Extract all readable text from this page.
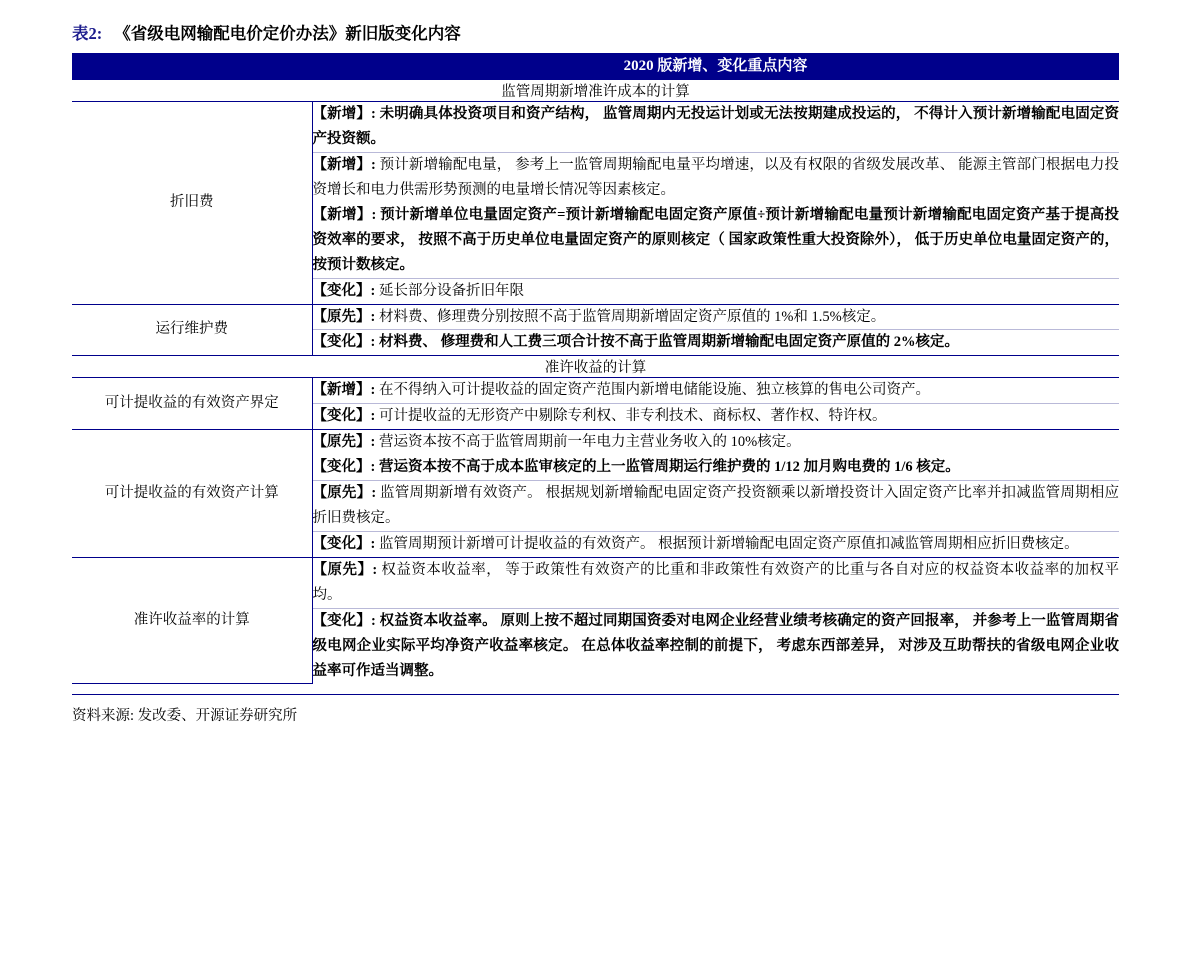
表2: 《省级电网输配电价定价办法》新旧版变化内容
	2020 版新增、变化重点内容
监管周期新增准许成本的计算	
折旧费	【新增】: 未明确具体投资项目和资产结构， 监管周期内无投运计划或无法按期建成投运的， 不得计入预计新增输配电固定资产投资额。
	【新增】: 预计新增输配电量， 参考上一监管周期输配电量平均增速，以及有权限的省级发展改革、 能源主管部门根据电力投资增长和电力供需形势预测的电量增长情况等因素核定。
	【新增】: 预计新增单位电量固定资产=预计新增输配电固定资产原值÷预计新增输配电量预计新增输配电固定资产基于提高投资效率的要求， 按照不高于历史单位电量固定资产的原则核定（ 国家政策性重大投资除外）， 低于历史单位电量固定资产的， 按预计数核定。
	【变化】: 延长部分设备折旧年限
运行维护费	【原先】: 材料费、修理费分别按照不高于监管周期新增固定资产原值的 1%和 1.5%核定。
	【变化】: 材料费、 修理费和人工费三项合计按不高于监管周期新增输配电固定资产原值的 2%核定。
准许收益的计算	
可计提收益的有效资产界定	【新增】: 在不得纳入可计提收益的固定资产范围内新增电储能设施、独立核算的售电公司资产。
	【变化】: 可计提收益的无形资产中剔除专利权、非专利技术、商标权、著作权、特许权。
可计提收益的有效资产计算	【原先】: 营运资本按不高于监管周期前一年电力主营业务收入的 10%核定。
	【变化】: 营运资本按不高于成本监审核定的上一监管周期运行维护费的 1/12 加月购电费的 1/6 核定。
	【原先】: 监管周期新增有效资产。 根据规划新增输配电固定资产投资额乘以新增投资计入固定资产比率并扣减监管周期相应折旧费核定。
	【变化】: 监管周期预计新增可计提收益的有效资产。 根据预计新增输配电固定资产原值扣减监管周期相应折旧费核定。
准许收益率的计算	【原先】: 权益资本收益率， 等于政策性有效资产的比重和非政策性有效资产的比重与各自对应的权益资本收益率的加权平均。
	【变化】: 权益资本收益率。 原则上按不超过同期国资委对电网企业经营业绩考核确定的资产回报率， 并参考上一监管周期省级电网企业实际平均净资产收益率核定。 在总体收益率控制的前提下， 考虑东西部差异， 对涉及互助帮扶的省级电网企业收益率可作适当调整。
资料来源: 发改委、开源证券研究所
